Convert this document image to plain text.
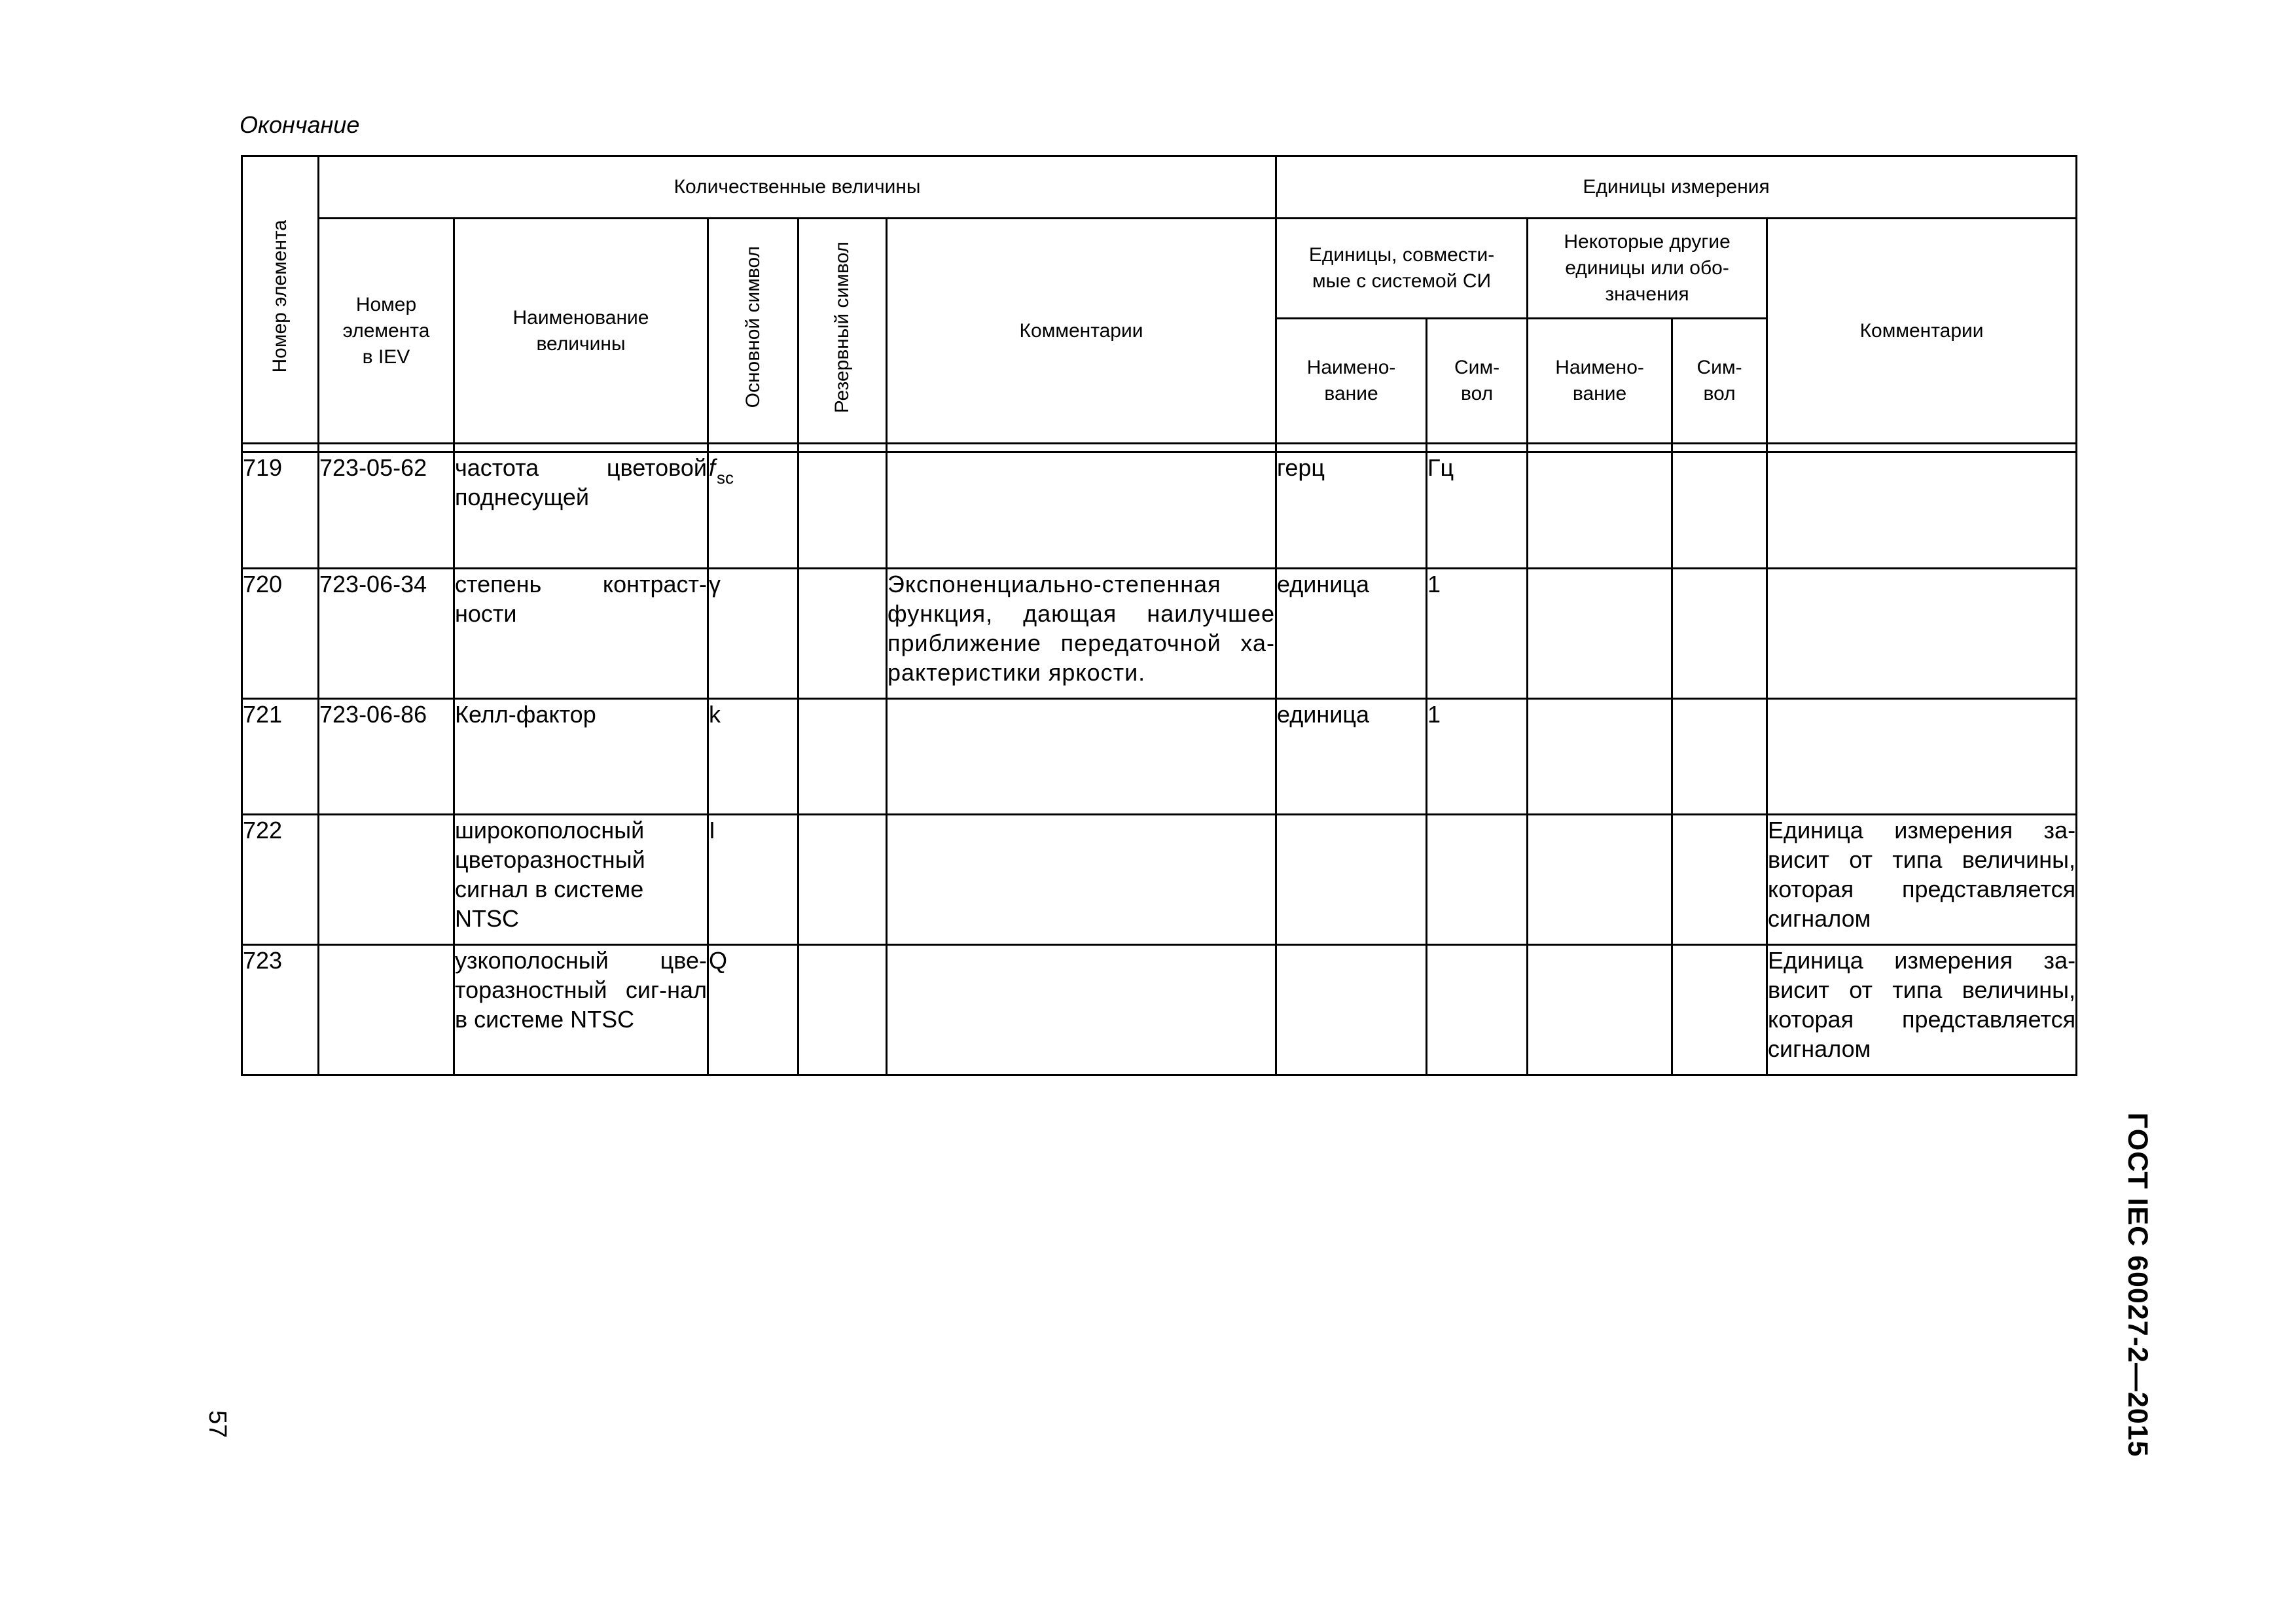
Окончание
Номер элемента	Количественные величины					Единицы измерения				

	Номер элемента в IEV	Наименование величины	Основной символ	Резервный символ	Комментарии	Единицы, совмести-мые с системой СИ		Некоторые другие единицы или обо-значения		Комментарии

						Наимено-вание	Сим-вол	Наимено-вание	Сим-вол	

719	723-05-62	частота цветовой поднесущей	$f_{sc}$			герц	Гц			
720	723-06-34	степень контраст-ности	γ		Экспоненциально-степенная функция, дающая наилучшее приближение передаточной ха-рактеристики яркости.	единица	1			
721	723-06-86	Келл-фактор	k			единица	1			
722		широкополосный цветоразностный сигнал в системе NTSC	I							Единица измерения за-висит от типа величины, которая представляется сигналом
723		узкополосный цве-торазностный сиг-нал в системе NTSC	Q							Единица измерения за-висит от типа величины, которая представляется сигналом
ГОСТ IEC 60027-2—2015
57
